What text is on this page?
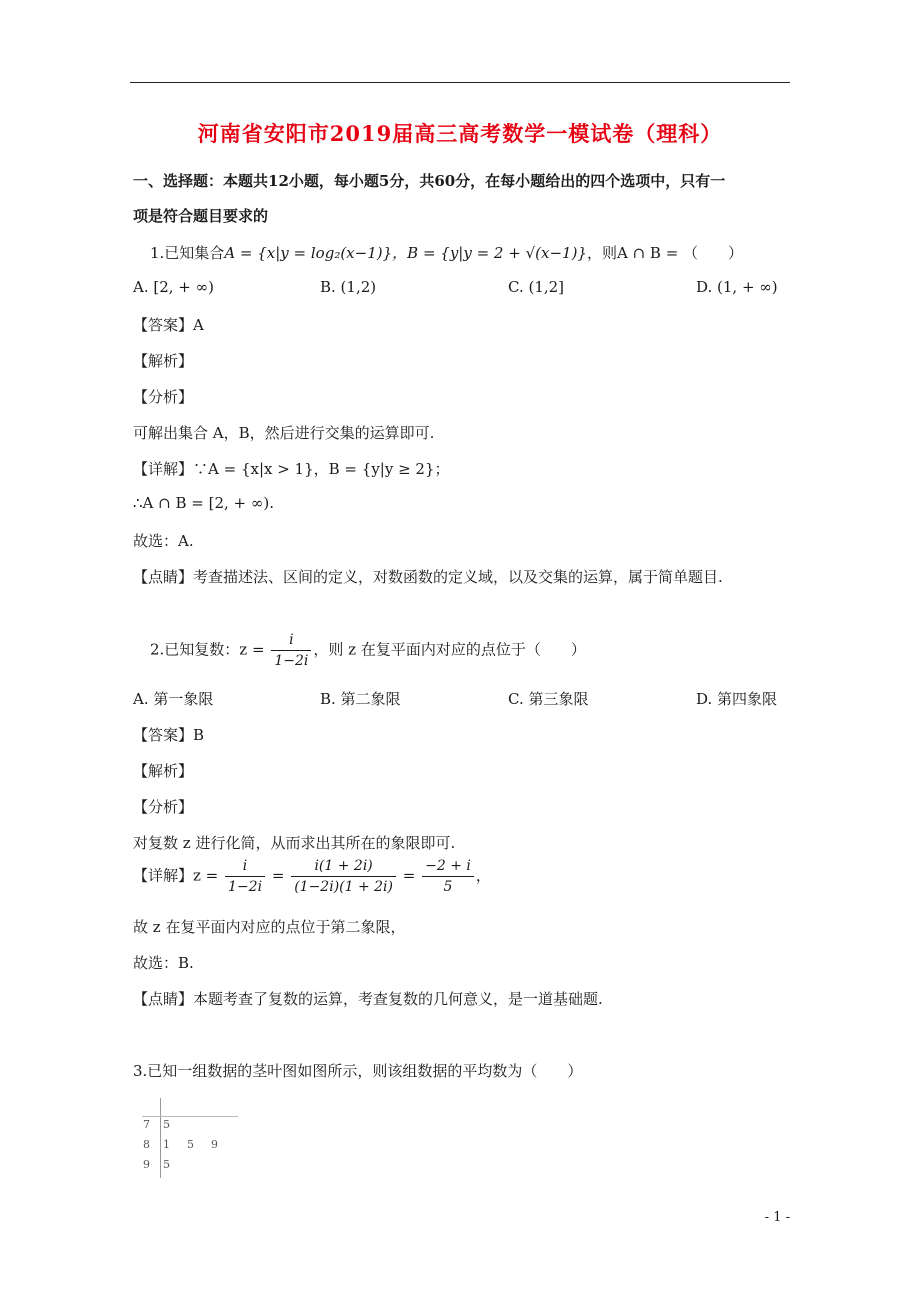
河南省安阳市2019届高三高考数学一模试卷（理科）
一、选择题：本题共12小题，每小题5分，共60分，在每小题给出的四个选项中，只有一
项是符合题目要求的
1.已知集合A = {x|y = log₂(x−1)}，B = {y|y = 2 + √(x−1)}，则A ∩ B = （　　）
A. [2, + ∞)	B. (1,2)	C. (1,2]	D. (1, + ∞)
【答案】A
【解析】
【分析】
可解出集合 A，B，然后进行交集的运算即可.
【详解】∵A = {x|x > 1}，B = {y|y ≥ 2}；
∴A ∩ B = [2, + ∞).
故选：A.
【点睛】考查描述法、区间的定义，对数函数的定义域，以及交集的运算，属于简单题目.
2.已知复数：$z = \frac{i}{1-2i}$ ，则 z 在复平面内对应的点位于（　　）
A. 第一象限	B. 第二象限	C. 第三象限	D. 第四象限
【答案】B
【解析】
【分析】
对复数 z 进行化简，从而求出其所在的象限即可.
【详解】$z = \frac{i}{1-2i} = \frac{i(1 + 2i)}{(1-2i)(1 + 2i)} = \frac{-2 + i}{5}$ ，
故 z 在复平面内对应的点位于第二象限，
故选：B.
【点睛】本题考查了复数的运算，考查复数的几何意义，是一道基础题.
3.已知一组数据的茎叶图如图所示，则该组数据的平均数为（　　）
7 5
8 1 5 9
9 5
- 1 -
